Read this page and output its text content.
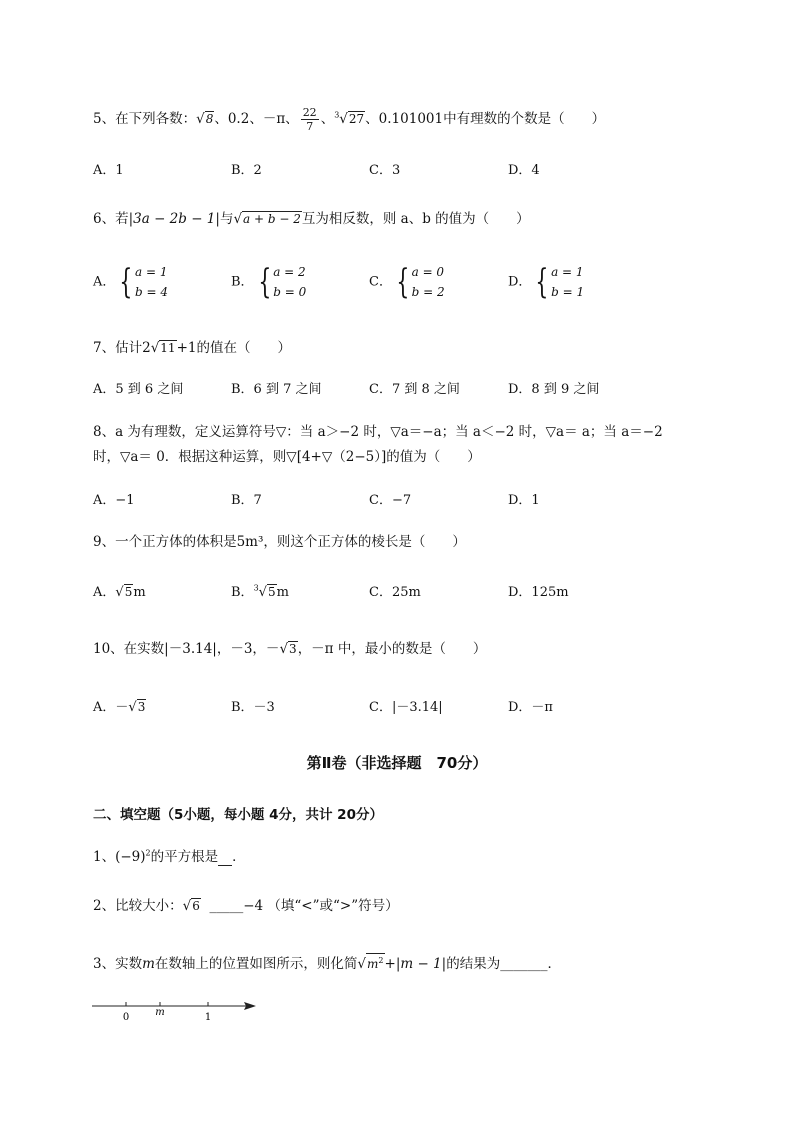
5、在下列各数：√8、0.2、－π、 $\frac{22}{7}$ 、$^3$√27、0.101001中有理数的个数是（　　）
A．1	B．2	C．3	D．4
6、若|3a − 2b − 1|与√a + b − 2互为相反数，则 a、b 的值为（　　）
A． { a = 1
b = 4
B． { a = 2
b = 0
C． { a = 0
b = 2
D． { a = 1
b = 1
7、估计2√11+1的值在（　　）
A．5 到 6 之间	B．6 到 7 之间	C．7 到 8 之间	D．8 到 9 之间
8、a 为有理数，定义运算符号▽：当 a＞−2 时，▽a＝−a；当 a＜−2 时，▽a＝ a；当 a＝−2
时，▽a＝ 0．根据这种运算，则▽[4+▽（2−5）]的值为（　　）
A．−1	B．7	C．−7	D．1
9、一个正方体的体积是5m³，则这个正方体的棱长是（　　）
A．√5m	B．$^3$√5m	C．25m	D．125m
10、在实数|－3.14|，－3，－√3，－π 中，最小的数是（　　）
A．－√3	B．－3	C．|－3.14|	D．－π
第Ⅱ卷（非选择题　70分）
二、填空题（5小题，每小题 4分，共计 20分）
1、$(-9)^2$的平方根是 ．
2、比较大小：√6 _____−4 （填“<”或“>”符号）
3、实数m在数轴上的位置如图所示，则化简$√m^2+|m - 1|$的结果为_______．
0	m	1
